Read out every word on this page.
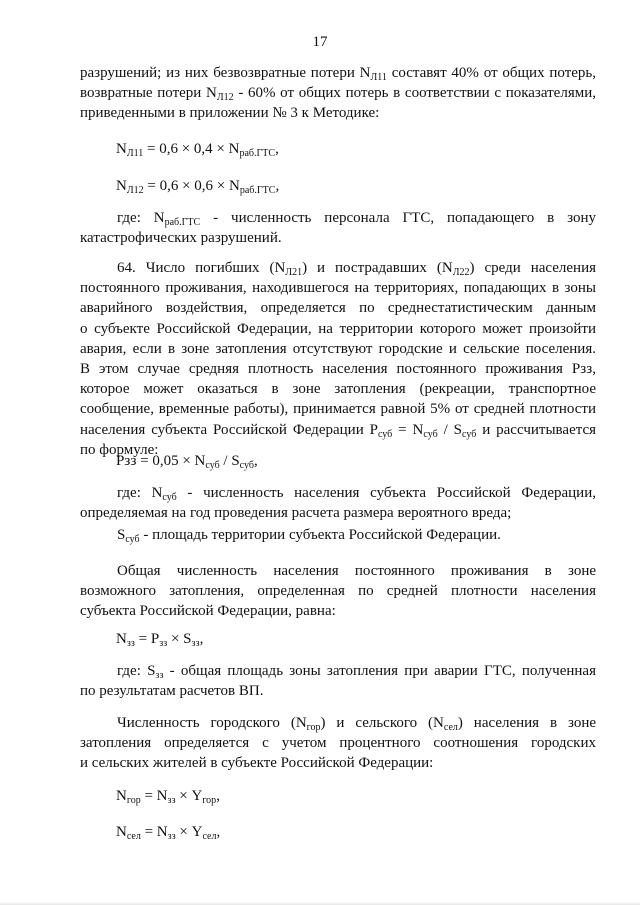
17
разрушений; из них безвозвратные потери $N_{Л11}$ составят 40% от общих потерь,
возвратные потери $N_{Л12} - 60\%$ от общих потерь в соответствии с показателями,
приведенными в приложении № 3 к Методике:
$N_{Л11} = 0,6 \times 0,4 \times N_{раб.ГТС}$,
$N_{Л12} = 0,6 \times 0,6 \times N_{раб.ГТС}$,
где: $N_{раб.ГТС}$ - численность персонала ГТС, попадающего в зону
катастрофических разрушений.
64. Число погибших $(N_{Л21})$ и пострадавших $(N_{Л22})$ среди населения
постоянного проживания, находившегося на территориях, попадающих в зоны
аварийного воздействия, определяется по среднестатистическим данным
о субъекте Российской Федерации, на территории которого может произойти
авария, если в зоне затопления отсутствуют городские и сельские поселения.
В этом случае средняя плотность населения постоянного проживания Рзз,
которое может оказаться в зоне затопления (рекреации, транспортное
сообщение, временные работы), принимается равной 5% от средней плотности
населения субъекта Российской Федерации $Р_{суб} = N_{суб} / S_{суб}$ и рассчитывается
по формуле:
Рзз = $0,05 \times N_{суб} / S_{суб}$,
где: $N_{суб}$ - численность населения субъекта Российской Федерации,
определяемая на год проведения расчета размера вероятного вреда;
$S_{суб}$ - площадь территории субъекта Российской Федерации.
Общая численность населения постоянного проживания в зоне
возможного затопления, определенная по средней плотности населения
субъекта Российской Федерации, равна:
$N_{зз} = Р_{зз} \times S_{зз}$,
где: $S_{зз}$ - общая площадь зоны затопления при аварии ГТС, полученная
по результатам расчетов ВП.
Численность городского $(N_{гор})$ и сельского $(N_{сел})$ населения в зоне
затопления определяется с учетом процентного соотношения городских
и сельских жителей в субъекте Российской Федерации:
$N_{гор} = N_{зз} \times Y_{гор}$,
$N_{сел} = N_{зз} \times Y_{сел}$,
